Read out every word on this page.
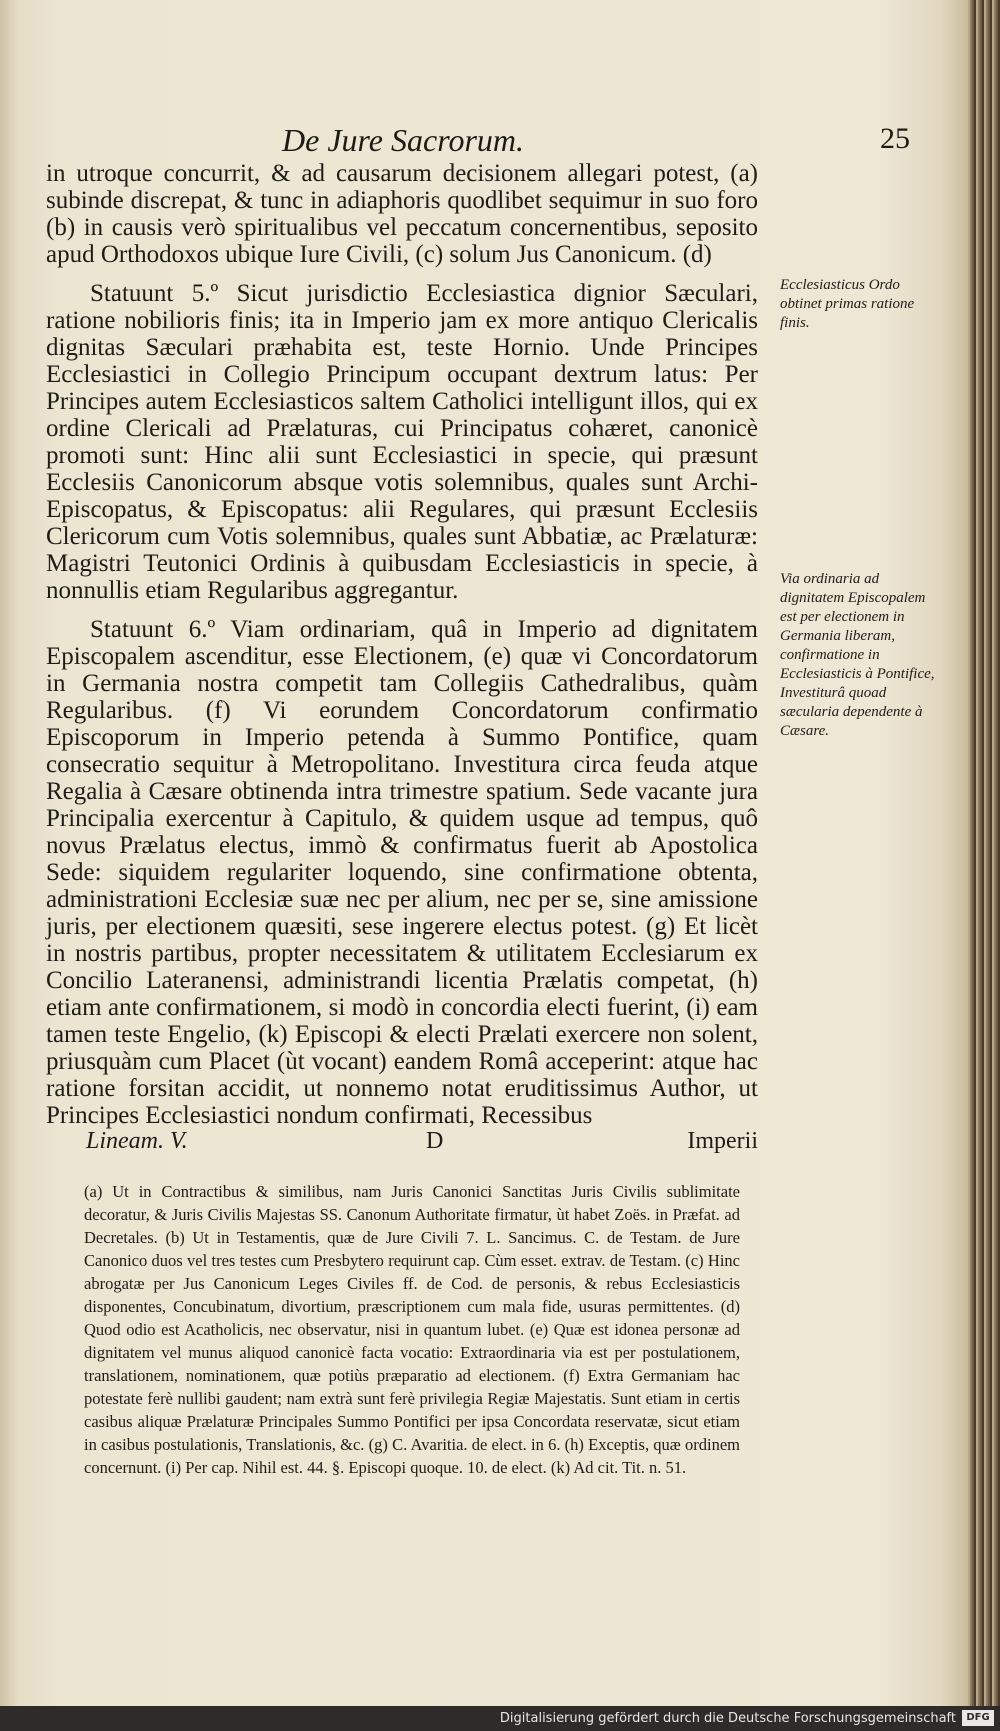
De Jure Sacrorum.	25

in utroque concurrit, & ad causarum decisionem allegari potest, (a) subinde discrepat, & tunc in adiaphoris quodlibet sequimur in suo foro (b) in causis verò spiritualibus vel peccatum concernentibus, seposito apud Orthodoxos ubique Iure Civili, (c) solum Jus Canonicum. (d)

Statuunt 5.º Sicut jurisdictio Ecclesiastica dignior Sæculari, ratione nobilioris finis; ita in Imperio jam ex more antiquo Clericalis dignitas Sæculari præhabita est, teste Hornio. Unde Principes Ecclesiastici in Collegio Principum occupant dextrum latus: Per Principes autem Ecclesiasticos saltem Catholici intelligunt illos, qui ex ordine Clericali ad Prælaturas, cui Principatus cohæret, canonicè promoti sunt: Hinc alii sunt Ecclesiastici in specie, qui præsunt Ecclesiis Canonicorum absque votis solemnibus, quales sunt Archi-Episcopatus, & Episcopatus: alii Regulares, qui præsunt Ecclesiis Clericorum cum Votis solemnibus, quales sunt Abbatiæ, ac Prælaturæ: Magistri Teutonici Ordinis à quibusdam Ecclesiasticis in specie, à nonnullis etiam Regularibus aggregantur.

Statuunt 6.º Viam ordinariam, quâ in Imperio ad dignitatem Episcopalem ascenditur, esse Electionem, (e) quæ vi Concordatorum in Germania nostra competit tam Collegiis Cathedralibus, quàm Regularibus. (f) Vi eorundem Concordatorum confirmatio Episcoporum in Imperio petenda à Summo Pontifice, quam consecratio sequitur à Metropolitano. Investitura circa feuda atque Regalia à Cæsare obtinenda intra trimestre spatium. Sede vacante jura Principalia exercentur à Capitulo, & quidem usque ad tempus, quô novus Prælatus electus, immò & confirmatus fuerit ab Apostolica Sede: siquidem regulariter loquendo, sine confirmatione obtenta, administrationi Ecclesiæ suæ nec per alium, nec per se, sine amissione juris, per electionem quæsiti, sese ingerere electus potest. (g) Et licèt in nostris partibus, propter necessitatem & utilitatem Ecclesiarum ex Concilio Lateranensi, administrandi licentia Prælatis competat, (h) etiam ante confirmationem, si modò in concordia electi fuerint, (i) eam tamen teste Engelio, (k) Episcopi & electi Prælati exercere non solent, priusquàm cum Placet (ùt vocant) eandem Româ acceperint: atque hac ratione forsitan accidit, ut nonnemo notat eruditissimus Author, ut Principes Ecclesiastici nondum confirmati, Recessibus

Ecclesiasticus Ordo obtinet primas ratione finis.
Via ordinaria ad dignitatem Episcopalem est per electionem in Germania liberam, confirmatione in Ecclesiasticis à Pontifice, Investiturâ quoad sæcularia dependente à Cæsare.
Lineam. V.	D	Imperii
(a) Ut in Contractibus & similibus, nam Juris Canonici Sanctitas Juris Civilis sublimitate decoratur, & Juris Civilis Majestas SS. Canonum Authoritate firmatur, ùt habet Zoës. in Præfat. ad Decretales. (b) Ut in Testamentis, quæ de Jure Civili 7. L. Sancimus. C. de Testam. de Jure Canonico duos vel tres testes cum Presbytero requirunt cap. Cùm esset. extrav. de Testam. (c) Hinc abrogatæ per Jus Canonicum Leges Civiles ff. de Cod. de personis, & rebus Ecclesiasticis disponentes, Concubinatum, divortium, præscriptionem cum mala fide, usuras permittentes. (d) Quod odio est Acatholicis, nec observatur, nisi in quantum lubet. (e) Quæ est idonea personæ ad dignitatem vel munus aliquod canonicè facta vocatio: Extraordinaria via est per postulationem, translationem, nominationem, quæ potiùs præparatio ad electionem. (f) Extra Germaniam hac potestate ferè nullibi gaudent; nam extrà sunt ferè privilegia Regiæ Majestatis. Sunt etiam in certis casibus aliquæ Prælaturæ Principales Summo Pontifici per ipsa Concordata reservatæ, sicut etiam in casibus postulationis, Translationis, &c. (g) C. Avaritia. de elect. in 6. (h) Exceptis, quæ ordinem concernunt. (i) Per cap. Nihil est. 44. §. Episcopi quoque. 10. de elect. (k) Ad cit. Tit. n. 51.
Digitalisierung gefördert durch die Deutsche Forschungsgemeinschaft	DFG
